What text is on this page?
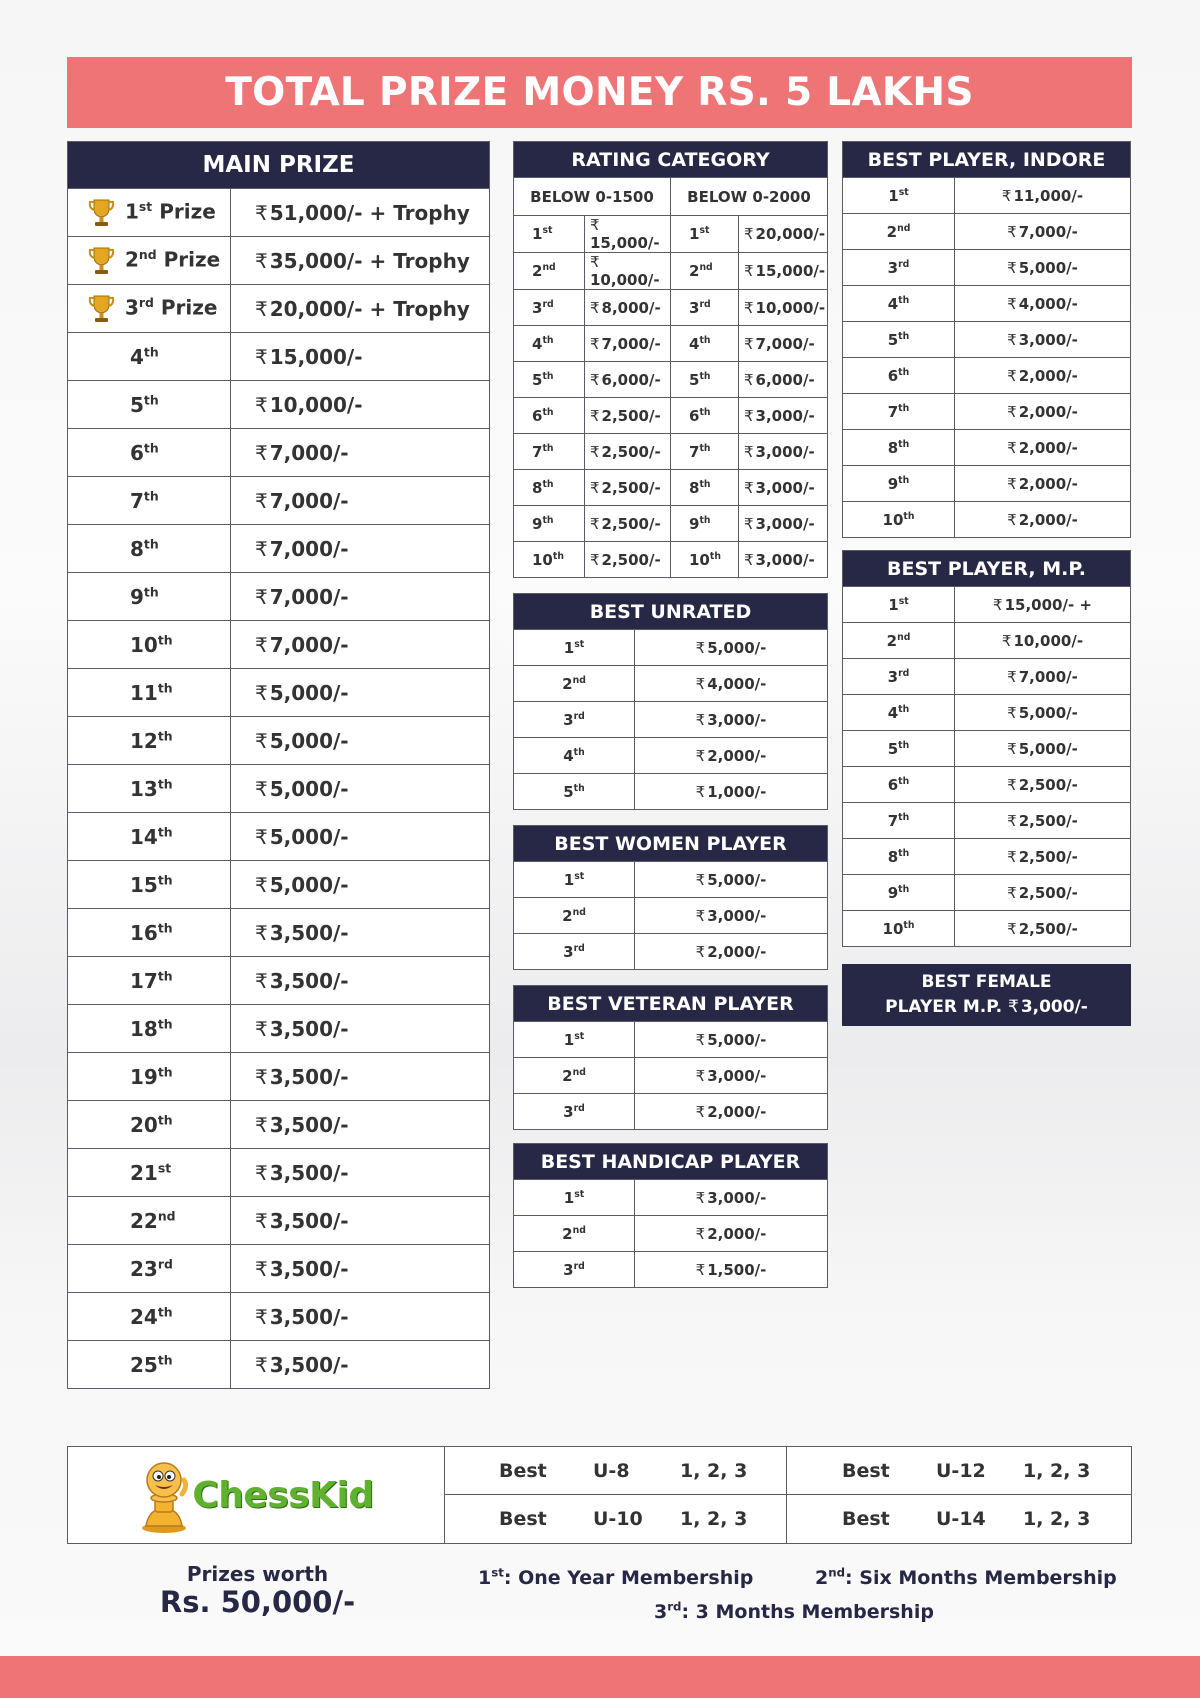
TOTAL PRIZE MONEY RS. 5 LAKHS
MAIN PRIZE	
1st Prize	₹ 51,000/- + Trophy
2nd Prize	₹ 35,000/- + Trophy
3rd Prize	₹ 20,000/- + Trophy
4th	₹ 15,000/-
5th	₹ 10,000/-
6th	₹ 7,000/-
7th	₹ 7,000/-
8th	₹ 7,000/-
9th	₹ 7,000/-
10th	₹ 7,000/-
11th	₹ 5,000/-
12th	₹ 5,000/-
13th	₹ 5,000/-
14th	₹ 5,000/-
15th	₹ 5,000/-
16th	₹ 3,500/-
17th	₹ 3,500/-
18th	₹ 3,500/-
19th	₹ 3,500/-
20th	₹ 3,500/-
21st	₹ 3,500/-
22nd	₹ 3,500/-
23rd	₹ 3,500/-
24th	₹ 3,500/-
25th	₹ 3,500/-
RATING CATEGORY			
BELOW 0-1500		BELOW 0-2000	
1st	₹15,000/-	1st	₹ 20,000/-
2nd	₹10,000/-	2nd	₹ 15,000/-
3rd	₹ 8,000/-	3rd	₹ 10,000/-
4th	₹ 7,000/-	4th	₹ 7,000/-
5th	₹ 6,000/-	5th	₹ 6,000/-
6th	₹ 2,500/-	6th	₹ 3,000/-
7th	₹ 2,500/-	7th	₹ 3,000/-
8th	₹ 2,500/-	8th	₹ 3,000/-
9th	₹ 2,500/-	9th	₹ 3,000/-
10th	₹ 2,500/-	10th	₹ 3,000/-
BEST UNRATED	
1st	₹ 5,000/-
2nd	₹ 4,000/-
3rd	₹ 3,000/-
4th	₹ 2,000/-
5th	₹ 1,000/-
BEST WOMEN PLAYER	
1st	₹ 5,000/-
2nd	₹ 3,000/-
3rd	₹ 2,000/-
BEST VETERAN PLAYER	
1st	₹ 5,000/-
2nd	₹ 3,000/-
3rd	₹ 2,000/-
BEST HANDICAP PLAYER	
1st	₹ 3,000/-
2nd	₹ 2,000/-
3rd	₹ 1,500/-
BEST PLAYER, INDORE	
1st	₹ 11,000/-
2nd	₹ 7,000/-
3rd	₹ 5,000/-
4th	₹ 4,000/-
5th	₹ 3,000/-
6th	₹ 2,000/-
7th	₹ 2,000/-
8th	₹ 2,000/-
9th	₹ 2,000/-
10th	₹ 2,000/-
BEST PLAYER, M.P.	
1st	₹ 15,000/- +
2nd	₹ 10,000/-
3rd	₹ 7,000/-
4th	₹ 5,000/-
5th	₹ 5,000/-
6th	₹ 2,500/-
7th	₹ 2,500/-
8th	₹ 2,500/-
9th	₹ 2,500/-
10th	₹ 2,500/-
BEST FEMALE
PLAYER M.P. ₹ 3,000/-
ChessKid
Best U-8	1, 2, 3	Best U-12 1, 2, 3
Best U-10 1, 2, 3	Best U-14 1, 2, 3
Prizes worth
Rs. 50,000/-
1st: One Year Membership	2nd: Six Months Membership
3rd: 3 Months Membership
